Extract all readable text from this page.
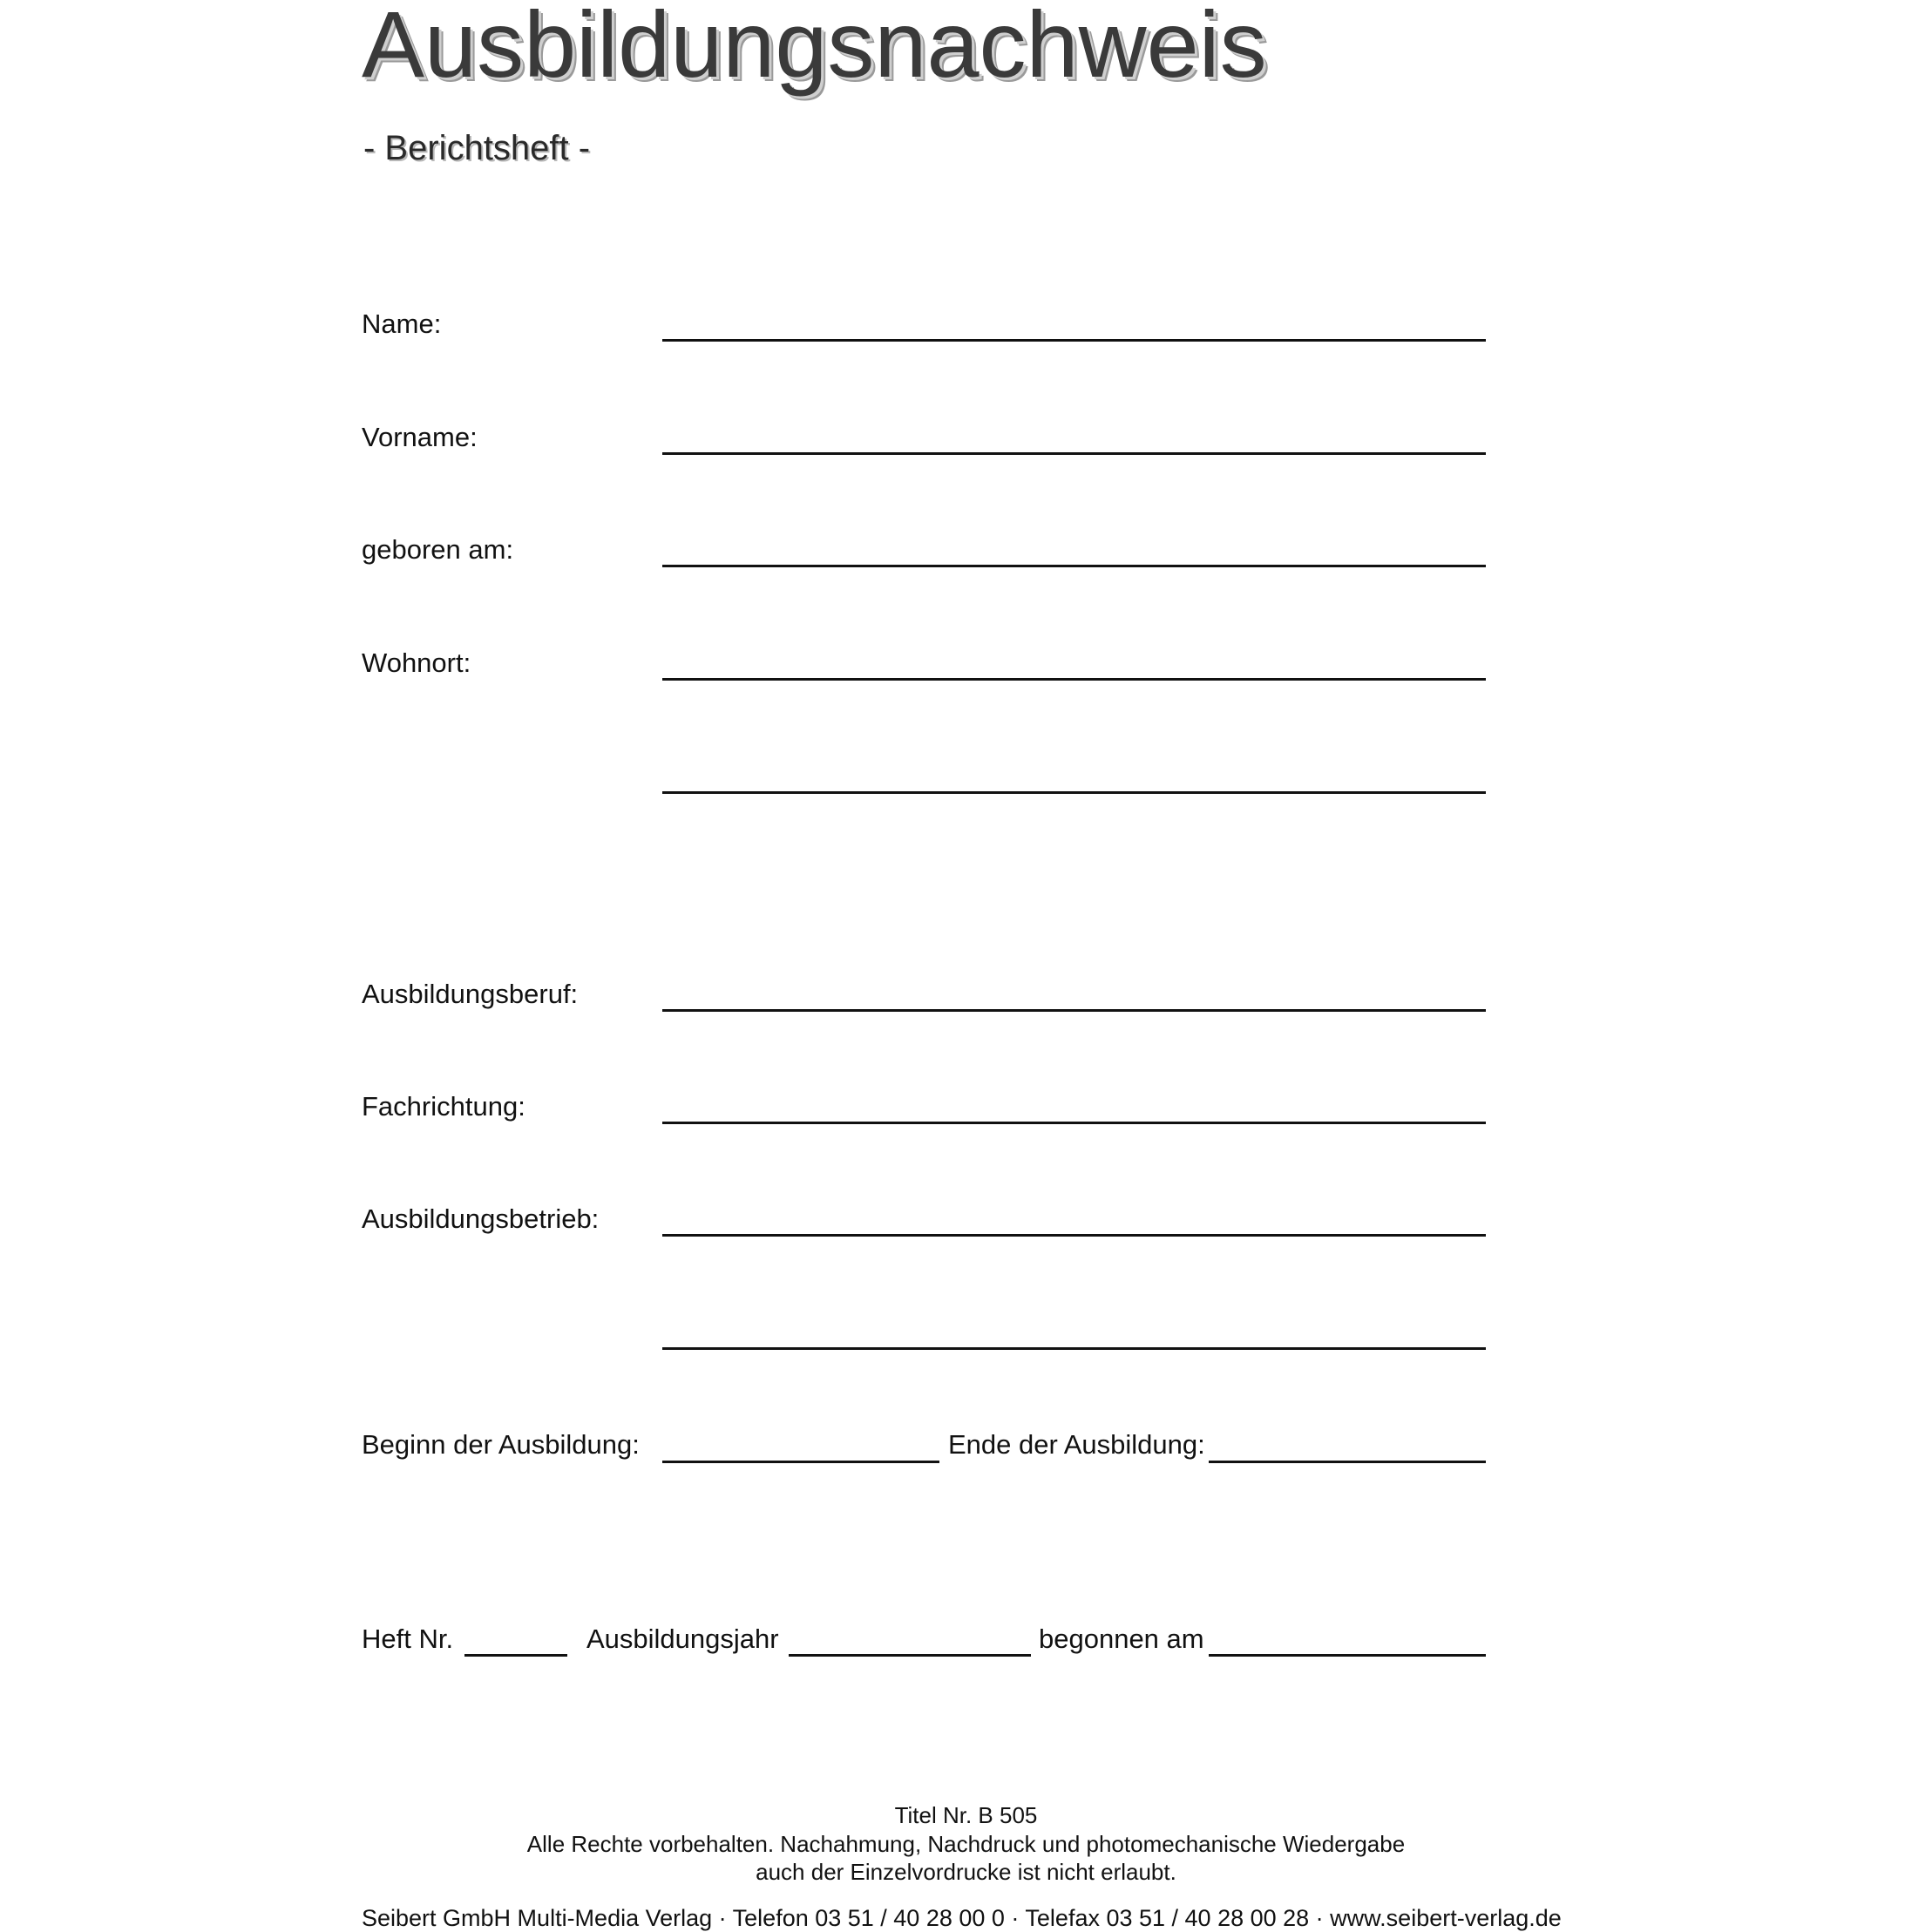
Ausbildungsnachweis
- Berichtsheft -
Name:
Vorname:
geboren am:
Wohnort:
Ausbildungsberuf:
Fachrichtung:
Ausbildungsbetrieb:
Beginn der Ausbildung:	Ende der Ausbildung:
Heft Nr.	Ausbildungsjahr	begonnen am
Titel Nr. B 505
Alle Rechte vorbehalten. Nachahmung, Nachdruck und photomechanische Wiedergabe
auch der Einzelvordrucke ist nicht erlaubt.
Seibert GmbH Multi-Media Verlag · Telefon 03 51 / 40 28 00 0 · Telefax 03 51 / 40 28 00 28 · www.seibert-verlag.de
